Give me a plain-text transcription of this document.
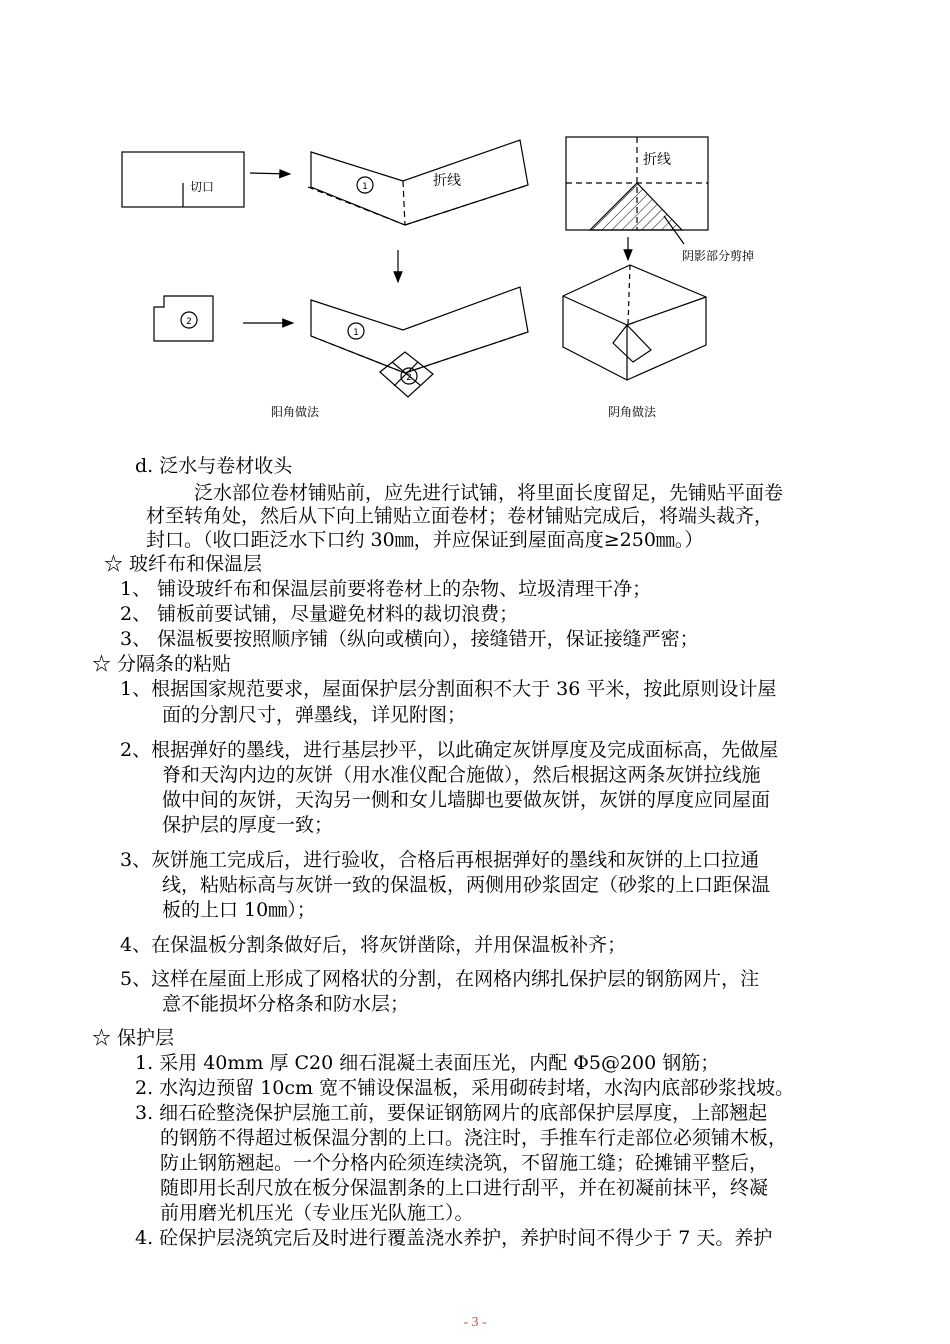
1
2
1
2
切口	折线
折线
阴影部分剪掉
阳角做法	阴角做法
d. 泛水与卷材收头
泛水部位卷材铺贴前，应先进行试铺，将里面长度留足，先铺贴平面卷
材至转角处，然后从下向上铺贴立面卷材；卷材铺贴完成后，将端头裁齐，
封口。（收口距泛水下口约 30㎜，并应保证到屋面高度≥250㎜。）
☆ 玻纤布和保温层
1、 铺设玻纤布和保温层前要将卷材上的杂物、垃圾清理干净；
2、 铺板前要试铺，尽量避免材料的裁切浪费；
3、 保温板要按照顺序铺（纵向或横向），接缝错开，保证接缝严密；
☆ 分隔条的粘贴
1、根据国家规范要求，屋面保护层分割面积不大于 36 平米，按此原则设计屋
面的分割尺寸，弹墨线，详见附图；
2、根据弹好的墨线，进行基层抄平，以此确定灰饼厚度及完成面标高，先做屋
脊和天沟内边的灰饼（用水准仪配合施做），然后根据这两条灰饼拉线施
做中间的灰饼，天沟另一侧和女儿墙脚也要做灰饼，灰饼的厚度应同屋面
保护层的厚度一致；
3、灰饼施工完成后，进行验收，合格后再根据弹好的墨线和灰饼的上口拉通
线，粘贴标高与灰饼一致的保温板，两侧用砂浆固定（砂浆的上口距保温
板的上口 10㎜）；
4、在保温板分割条做好后，将灰饼凿除，并用保温板补齐；
5、这样在屋面上形成了网格状的分割，在网格内绑扎保护层的钢筋网片，注
意不能损坏分格条和防水层；
☆ 保护层
1. 采用 40mm 厚 C20 细石混凝土表面压光，内配 Φ5@200 钢筋；
2. 水沟边预留 10cm 宽不铺设保温板，采用砌砖封堵，水沟内底部砂浆找坡。
3. 细石砼整浇保护层施工前，要保证钢筋网片的底部保护层厚度，上部翘起
的钢筋不得超过板保温分割的上口。浇注时，手推车行走部位必须铺木板，
防止钢筋翘起。一个分格内砼须连续浇筑，不留施工缝；砼摊铺平整后，
随即用长刮尺放在板分保温割条的上口进行刮平，并在初凝前抹平，终凝
前用磨光机压光（专业压光队施工）。
4. 砼保护层浇筑完后及时进行覆盖浇水养护，养护时间不得少于 7 天。养护
- 3 -
